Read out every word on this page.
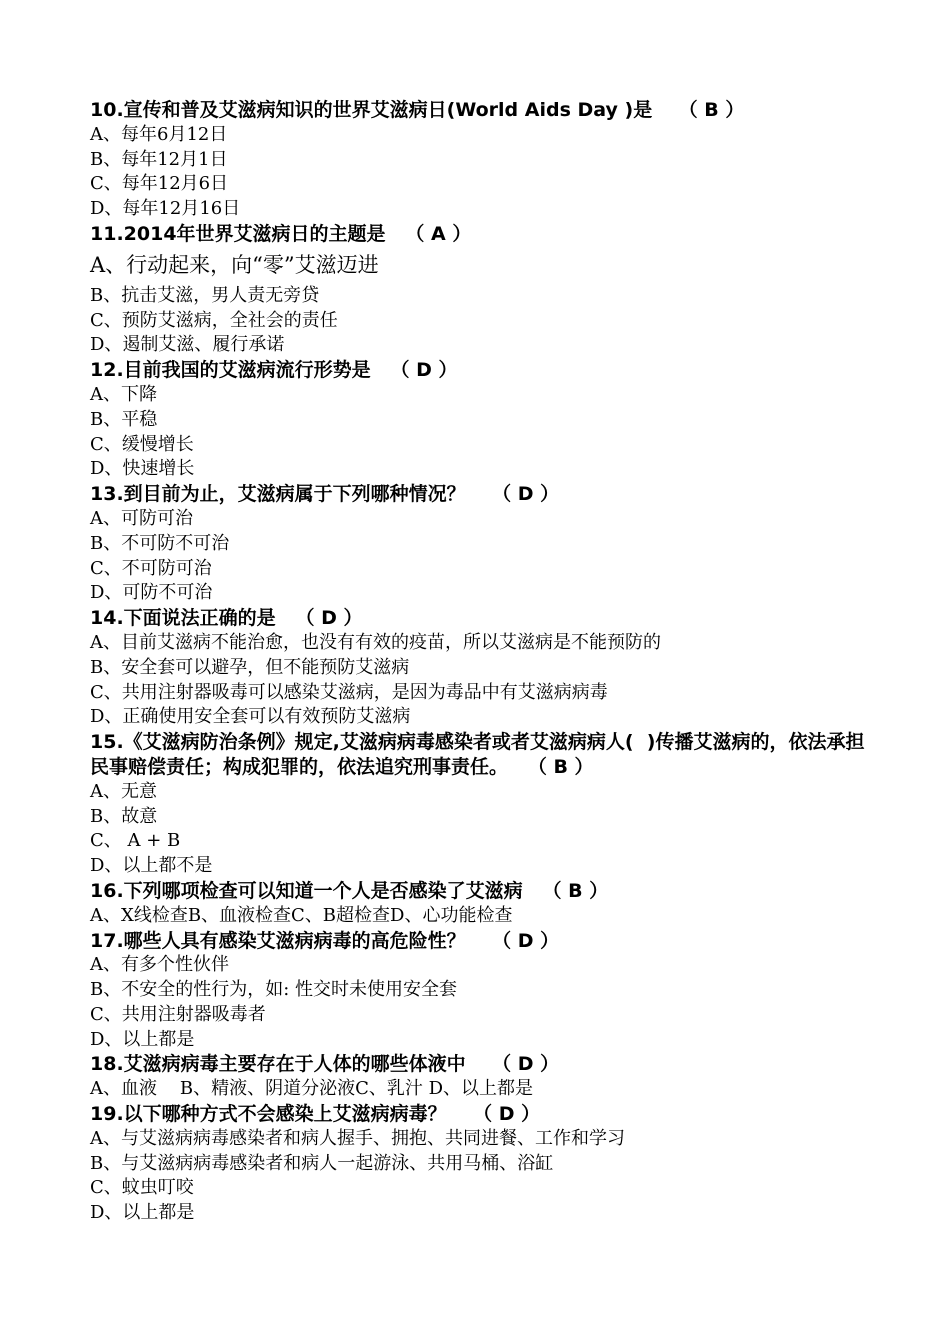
10.宣传和普及艾滋病知识的世界艾滋病日(World Aids Day )是    （ B ）
A、每年6月12日
B、每年12月1日
C、每年12月6日
D、每年12月16日
11.2014年世界艾滋病日的主题是   （ A ）
A、行动起来，向“零”艾滋迈进
B、抗击艾滋，男人责无旁贷
C、预防艾滋病，全社会的责任
D、遏制艾滋、履行承诺
12.目前我国的艾滋病流行形势是   （ D ）
A、下降
B、平稳
C、缓慢增长
D、快速增长
13.到目前为止，艾滋病属于下列哪种情况？    （ D ）
A、可防可治
B、不可防不可治
C、不可防可治
D、可防不可治
14.下面说法正确的是   （ D ）
A、目前艾滋病不能治愈，也没有有效的疫苗，所以艾滋病是不能预防的
B、安全套可以避孕，但不能预防艾滋病
C、共用注射器吸毒可以感染艾滋病，是因为毒品中有艾滋病病毒
D、正确使用安全套可以有效预防艾滋病
15.《艾滋病防治条例》规定,艾滋病病毒感染者或者艾滋病病人(  )传播艾滋病的，依法承担民事赔偿责任；构成犯罪的，依法追究刑事责任。   （ B ）
A、无意
B、故意
C、 A + B
D、以上都不是
16.下列哪项检查可以知道一个人是否感染了艾滋病   （ B ）
A、X线检查B、血液检查C、B超检查D、心功能检查
17.哪些人具有感染艾滋病病毒的高危险性？    （ D ）
A、有多个性伙伴
B、不安全的性行为，如: 性交时未使用安全套
C、共用注射器吸毒者
D、以上都是
18.艾滋病病毒主要存在于人体的哪些体液中    （ D ）
A、血液    B、精液、阴道分泌液C、乳汁 D、以上都是
19.以下哪种方式不会感染上艾滋病病毒？    （ D ）
A、与艾滋病病毒感染者和病人握手、拥抱、共同进餐、工作和学习
B、与艾滋病病毒感染者和病人一起游泳、共用马桶、浴缸
C、蚊虫叮咬
D、以上都是
